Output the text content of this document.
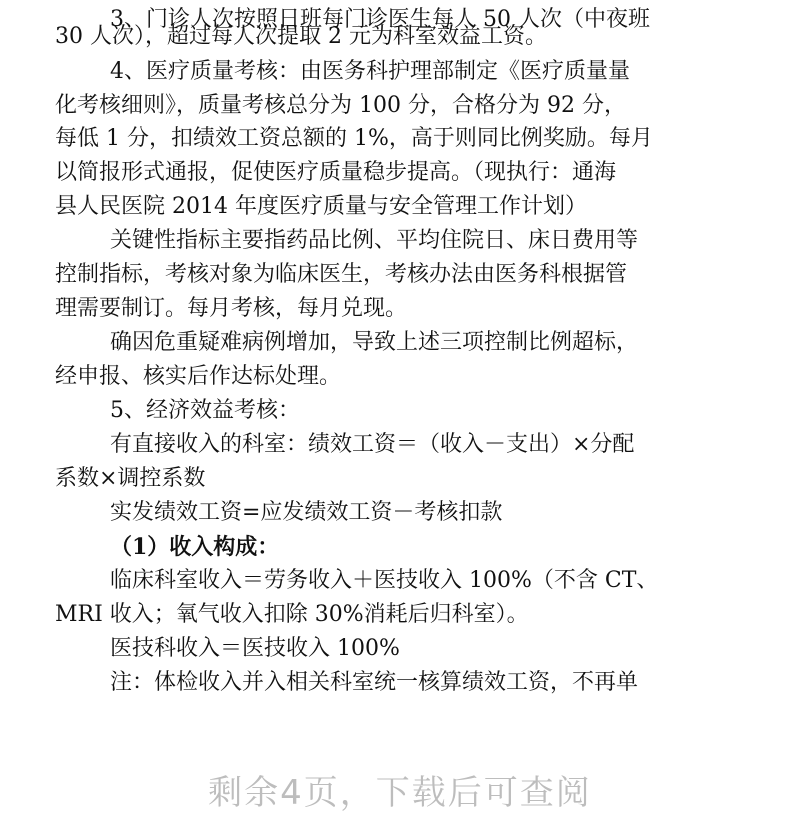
3、门诊人次按照日班每门诊医生每人 50 人次（中夜班
30 人次），超过每人次提取 2 元为科室效益工资。
4、医疗质量考核：由医务科护理部制定《医疗质量量
化考核细则》，质量考核总分为 100 分，合格分为 92 分，
每低 1 分，扣绩效工资总额的 1%，高于则同比例奖励。每月
以简报形式通报，促使医疗质量稳步提高。（现执行：通海
县人民医院 2014 年度医疗质量与安全管理工作计划）
关键性指标主要指药品比例、平均住院日、床日费用等
控制指标，考核对象为临床医生，考核办法由医务科根据管
理需要制订。每月考核，每月兑现。
确因危重疑难病例增加，导致上述三项控制比例超标，
经申报、核实后作达标处理。
5、经济效益考核：
有直接收入的科室：绩效工资＝（收入－支出）×分配
系数×调控系数
实发绩效工资=应发绩效工资－考核扣款
（1）收入构成：
临床科室收入＝劳务收入＋医技收入 100%（不含 CT、
MRI 收入；氧气收入扣除 30%消耗后归科室）。
医技科收入＝医技收入 100%
注：体检收入并入相关科室统一核算绩效工资，不再单
剩余4页，下载后可查阅
